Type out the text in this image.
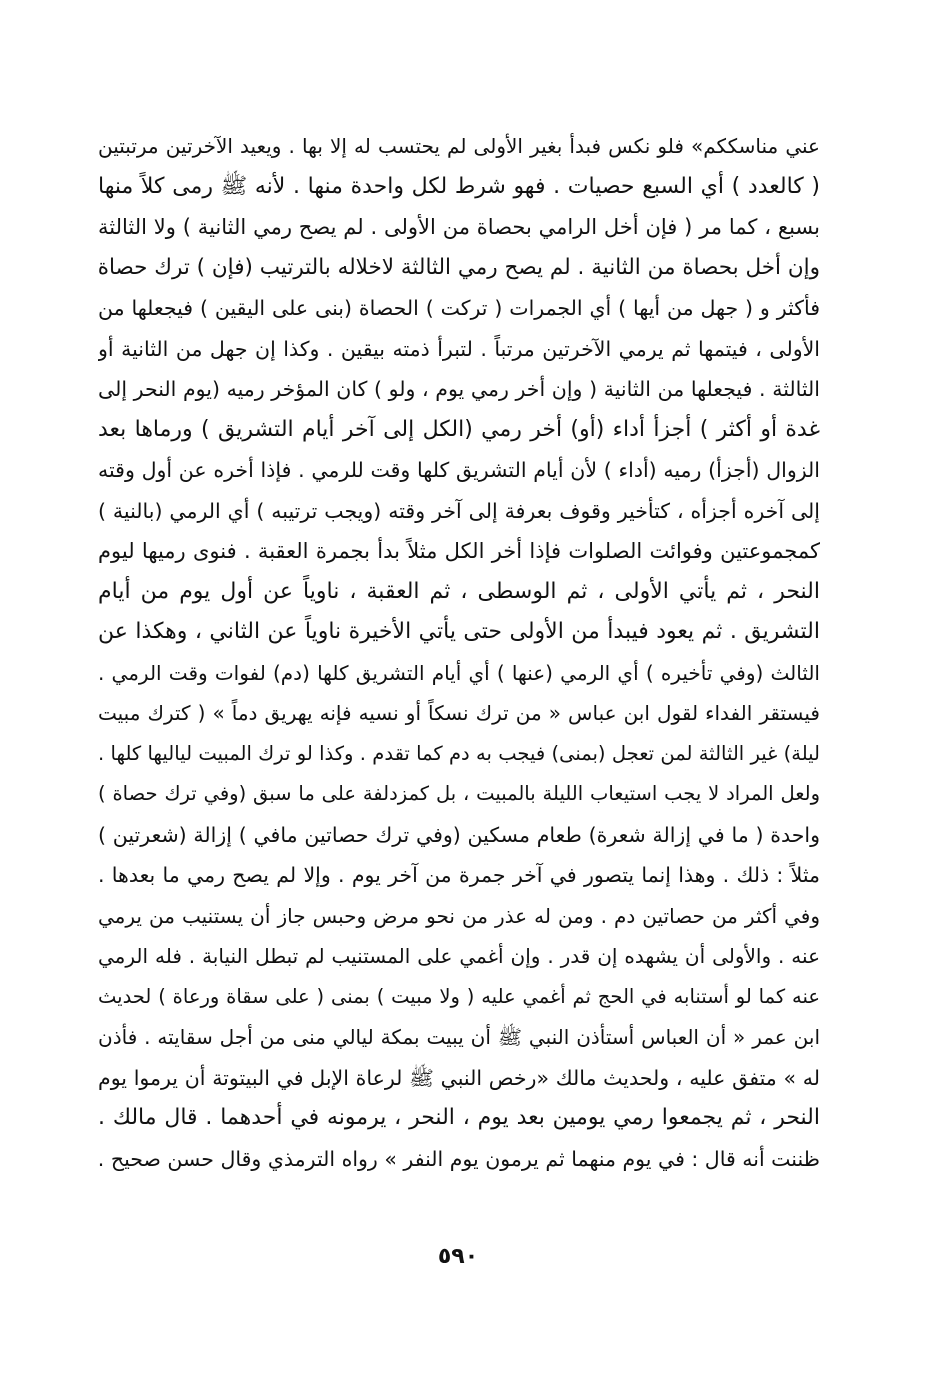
عني مناسككم» فلو نكس فبدأ بغير الأولى لم يحتسب له إلا بها . ويعيد الآخرتين مرتبتين
( كالعدد ) أي السبع حصيات . فهو شرط لكل واحدة منها . لأنه ﷺ رمى كلاً منها
بسبع ، كما مر ( فإن أخل الرامي بحصاة من الأولى . لم يصح رمي الثانية ) ولا الثالثة
وإن أخل بحصاة من الثانية . لم يصح رمي الثالثة لاخلاله بالترتيب (فإن ) ترك حصاة
فأكثر و ( جهل من أيها ) أي الجمرات ( تركت ) الحصاة (بنى على اليقين ) فيجعلها من
الأولى ، فيتمها ثم يرمي الآخرتين مرتباً . لتبرأ ذمته بيقين . وكذا إن جهل من الثانية أو
الثالثة . فيجعلها من الثانية ( وإن أخر رمي يوم ، ولو ) كان المؤخر رميه (يوم النحر إلى
غدة أو أكثر ) أجزأ أداء (أو) أخر رمي (الكل إلى آخر أيام التشريق ) ورماها بعد
الزوال (أجزأ) رميه (أداء ) لأن أيام التشريق كلها وقت للرمي . فإذا أخره عن أول وقته
إلى آخره أجزأه ، كتأخير وقوف بعرفة إلى آخر وقته (ويجب ترتيبه ) أي الرمي (بالنية )
كمجموعتين وفوائت الصلوات فإذا أخر الكل مثلاً بدأ بجمرة العقبة . فنوى رميها ليوم
النحر ، ثم يأتي الأولى ، ثم الوسطى ، ثم العقبة ، ناوياً عن أول يوم من أيام
التشريق . ثم يعود فيبدأ من الأولى حتى يأتي الأخيرة ناوياً عن الثاني ، وهكذا عن
الثالث (وفي تأخيره ) أي الرمي (عنها ) أي أيام التشريق كلها (دم) لفوات وقت الرمي .
فيستقر الفداء لقول ابن عباس « من ترك نسكاً أو نسيه فإنه يهريق دماً » ( كترك مبيت
ليلة) غير الثالثة لمن تعجل (بمنى) فيجب به دم كما تقدم . وكذا لو ترك المبيت لياليها كلها .
ولعل المراد لا يجب استيعاب الليلة بالمبيت ، بل كمزدلفة على ما سبق (وفي ترك حصاة )
واحدة ( ما في إزالة شعرة) طعام مسكين (وفي ترك حصاتين مافي ) إزالة (شعرتين )
مثلاً : ذلك . وهذا إنما يتصور في آخر جمرة من آخر يوم . وإلا لم يصح رمي ما بعدها .
وفي أكثر من حصاتين دم . ومن له عذر من نحو مرض وحبس جاز أن يستنيب من يرمي
عنه . والأولى أن يشهده إن قدر . وإن أغمي على المستنيب لم تبطل النيابة . فله الرمي
عنه كما لو أستنابه في الحج ثم أغمي عليه ( ولا مبيت ) بمنى ( على سقاة ورعاة ) لحديث
ابن عمر « أن العباس أستأذن النبي ﷺ أن يبيت بمكة ليالي منى من أجل سقايته . فأذن
له » متفق عليه ، ولحديث مالك «رخص النبي ﷺ لرعاة الإبل في البيتوتة أن يرموا يوم
النحر ، ثم يجمعوا رمي يومين بعد يوم ، النحر ، يرمونه في أحدهما . قال مالك .
ظننت أنه قال : في يوم منهما ثم يرمون يوم النفر » رواه الترمذي وقال حسن صحيح .
٥٩٠
